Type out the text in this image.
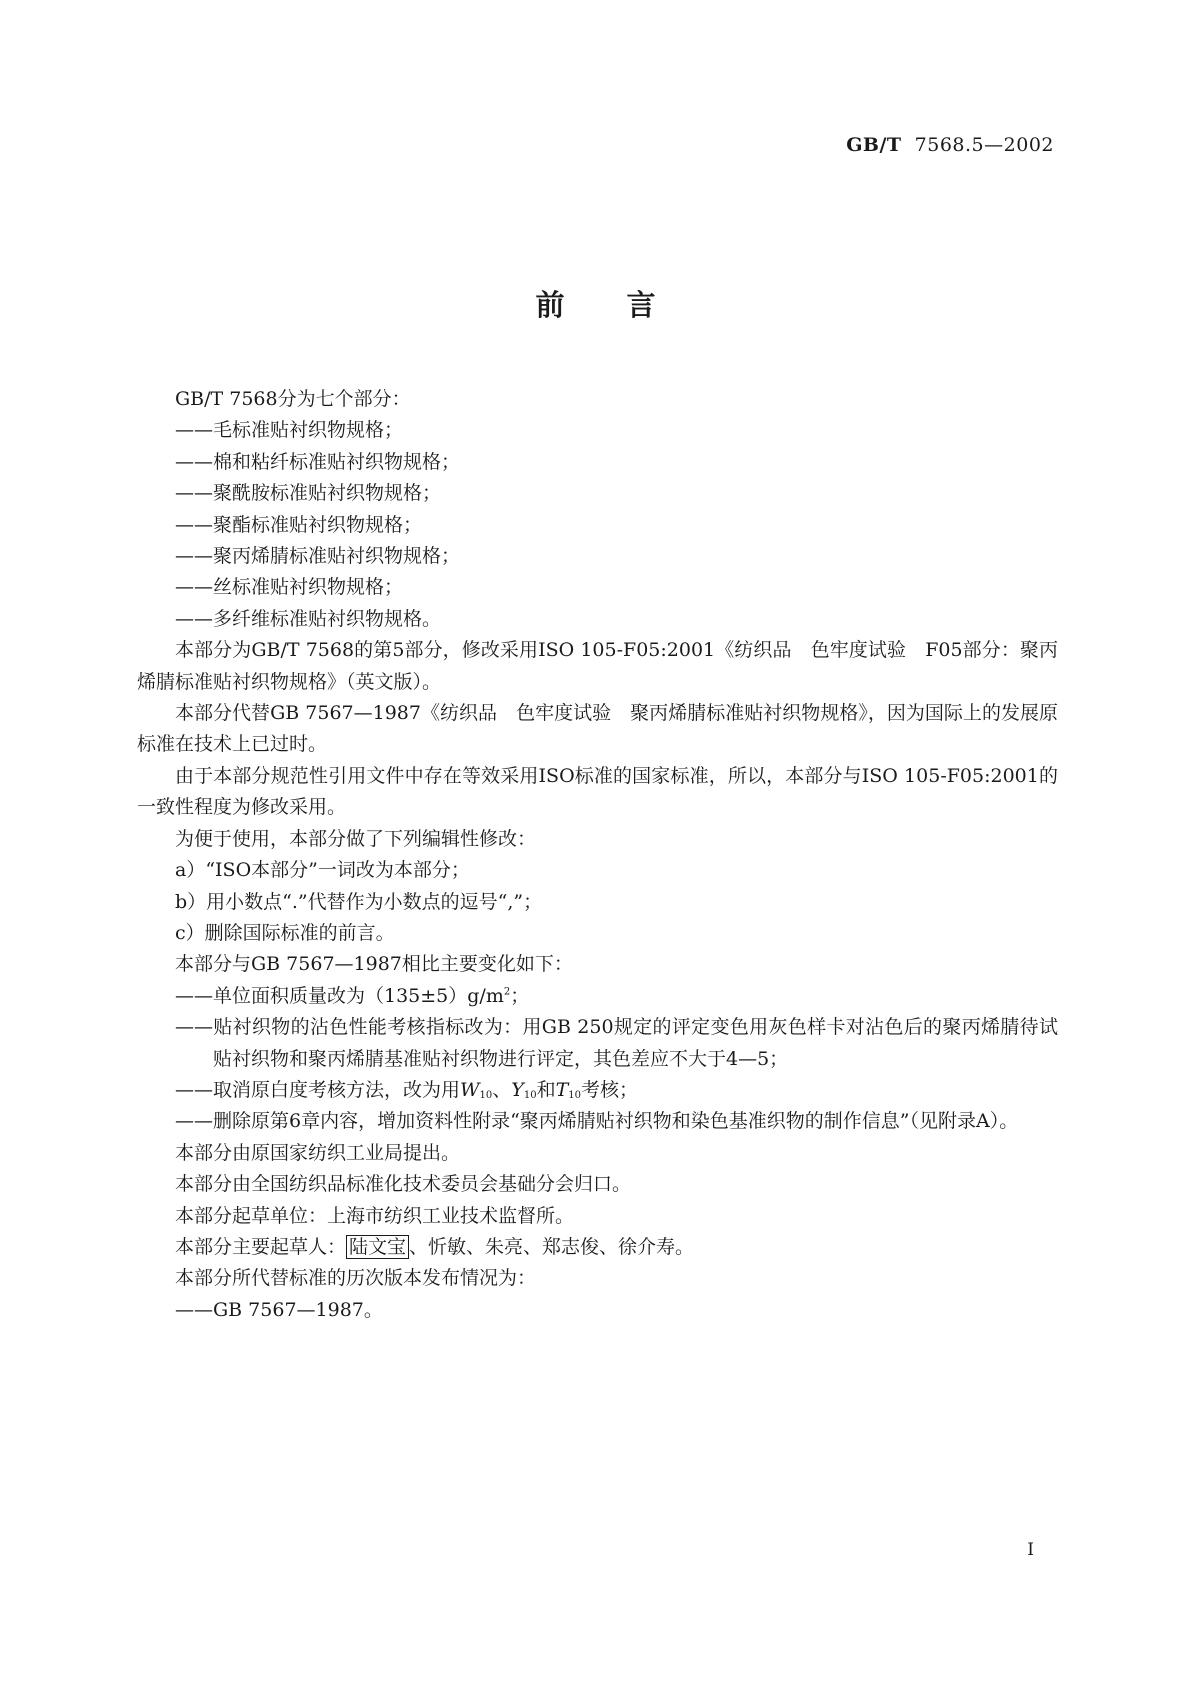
GB/T 7568.5—2002
前言
GB/T 7568分为七个部分：
—— 毛标准贴衬织物规格；
—— 棉和粘纤标准贴衬织物规格；
—— 聚酰胺标准贴衬织物规格；
—— 聚酯标准贴衬织物规格；
—— 聚丙烯腈标准贴衬织物规格；
—— 丝标准贴衬织物规格；
—— 多纤维标准贴衬织物规格。
本部分为GB/T 7568的第5部分，修改采用ISO 105-F05:2001《纺织品　色牢度试验　F05部分：聚丙烯腈标准贴衬织物规格》（英文版）。
本部分代替GB 7567—1987《纺织品　色牢度试验　聚丙烯腈标准贴衬织物规格》，因为国际上的发展原标准在技术上已过时。
由于本部分规范性引用文件中存在等效采用ISO标准的国家标准，所以，本部分与ISO 105-F05:2001的一致性程度为修改采用。
为便于使用，本部分做了下列编辑性修改：
a）“ISO本部分”一词改为本部分；
b）用小数点“.”代替作为小数点的逗号“,”；
c）删除国际标准的前言。
本部分与GB 7567—1987相比主要变化如下：
—— 单位面积质量改为$(135\pm 5)g/m^2$；
—— 贴衬织物的沾色性能考核指标改为：用GB 250规定的评定变色用灰色样卡对沾色后的聚丙烯腈待试贴衬织物和聚丙烯腈基准贴衬织物进行评定，其色差应不大于4—5；
—— 取消原白度考核方法，改为用$W_{10}$、$Y_{10}$和$T_{10}$考核；
—— 删除原第6章内容，增加资料性附录“聚丙烯腈贴衬织物和染色基准织物的制作信息”（见附录A）。
本部分由原国家纺织工业局提出。
本部分由全国纺织品标准化技术委员会基础分会归口。
本部分起草单位：上海市纺织工业技术监督所。
本部分主要起草人： 陆文宝 、忻敏、朱亮、郑志俊、徐介寿。
本部分所代替标准的历次版本发布情况为：
—— GB 7567—1987。
I
